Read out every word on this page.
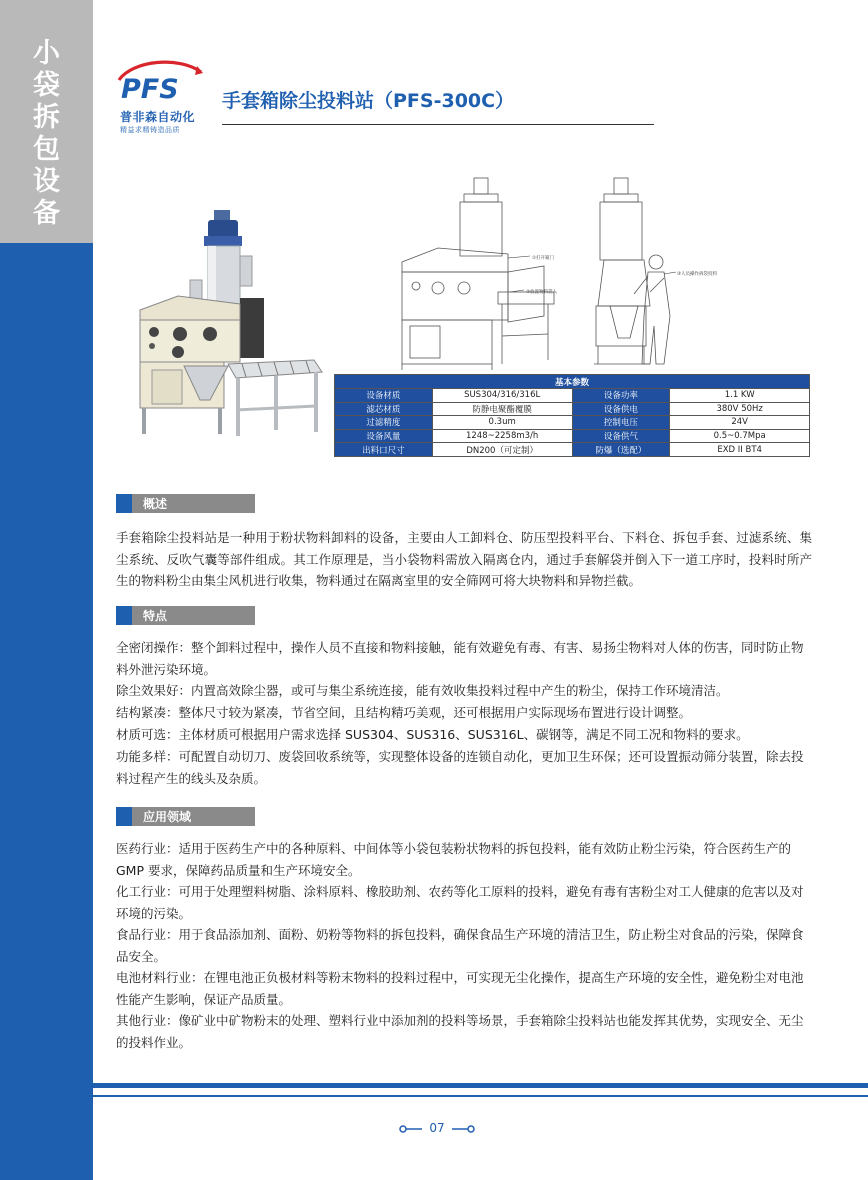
小
袋
拆
包
设
备
PFS
普非森自动化
精益求精铸造品质
手套箱除尘投料站（PFS-300C）
①打开箱门
②放置物料袋入
③人员操作拆袋投料
基本参数			
设备材质	SUS304/316/316L	设备功率	1.1 KW
滤芯材质	防静电聚酯覆膜	设备供电	380V 50Hz
过滤精度	0.3um	控制电压	24V
设备风量	1248~2258m3/h	设备供气	0.5~0.7Mpa
出料口尺寸	DN200（可定制）	防爆（选配）	EXD II BT4
概述
手套箱除尘投料站是一种用于粉状物料卸料的设备，主要由人工卸料仓、防压型投料平台、下料仓、拆包手套、过滤系统、集尘系统、反吹气囊等部件组成。其工作原理是，当小袋物料需放入隔离仓内，通过手套解袋并倒入下一道工序时，投料时所产生的物料粉尘由集尘风机进行收集，物料通过在隔离室里的安全筛网可将大块物料和异物拦截。
特点
全密闭操作： 整个卸料过程中，操作人员不直接和物料接触，能有效避免有毒、有害、易扬尘物料对人体的伤害，同时防止物料外泄污染环境。
除尘效果好： 内置高效除尘器，或可与集尘系统连接，能有效收集投料过程中产生的粉尘，保持工作环境清洁。
结构紧凑： 整体尺寸较为紧凑，节省空间，且结构精巧美观，还可根据用户实际现场布置进行设计调整。
材质可选： 主体材质可根据用户需求选择 SUS304、SUS316、SUS316L、碳钢等，满足不同工况和物料的要求。
功能多样： 可配置自动切刀、废袋回收系统等，实现整体设备的连锁自动化，更加卫生环保；还可设置振动筛分装置，除去投料过程产生的线头及杂质。
应用领域
医药行业： 适用于医药生产中的各种原料、中间体等小袋包装粉状物料的拆包投料，能有效防止粉尘污染，符合医药生产的 GMP 要求，保障药品质量和生产环境安全。
化工行业： 可用于处理塑料树脂、涂料原料、橡胶助剂、农药等化工原料的投料，避免有毒有害粉尘对工人健康的危害以及对环境的污染。
食品行业： 用于食品添加剂、面粉、奶粉等物料的拆包投料，确保食品生产环境的清洁卫生，防止粉尘对食品的污染，保障食品安全。
电池材料行业： 在锂电池正负极材料等粉末物料的投料过程中，可实现无尘化操作，提高生产环境的安全性，避免粉尘对电池性能产生影响，保证产品质量。
其他行业： 像矿业中矿物粉末的处理、塑料行业中添加剂的投料等场景，手套箱除尘投料站也能发挥其优势，实现安全、无尘的投料作业。
07
